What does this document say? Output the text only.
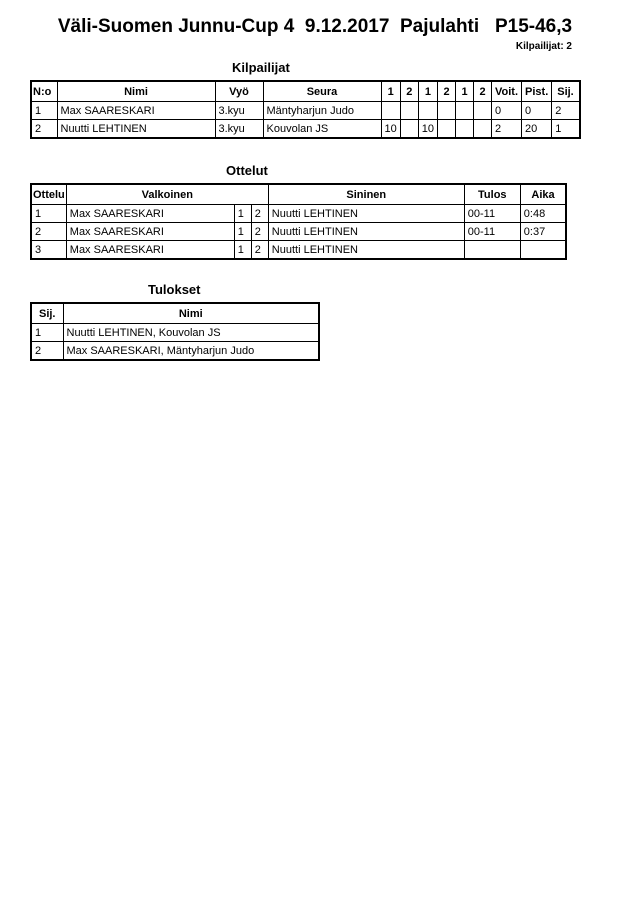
Väli-Suomen Junnu-Cup 4  9.12.2017  Pajulahti   P15-46,3
Kilpailijat: 2
Kilpailijat
N:o	Nimi	Vyö	Seura	1	2	1	2	1	2	Voit.	Pist.	Sij.
1	Max SAARESKARI	3.kyu	Mäntyharjun Judo							0	0	2
2	Nuutti LEHTINEN	3.kyu	Kouvolan JS	10		10				2	20	1
Ottelut
Ottelu	Valkoinen			Sininen	Tulos	Aika
1	Max SAARESKARI	1	2	Nuutti LEHTINEN	00-11	0:48
2	Max SAARESKARI	1	2	Nuutti LEHTINEN	00-11	0:37
3	Max SAARESKARI	1	2	Nuutti LEHTINEN		
Tulokset
Sij.	Nimi
1	Nuutti LEHTINEN, Kouvolan JS
2	Max SAARESKARI, Mäntyharjun Judo
